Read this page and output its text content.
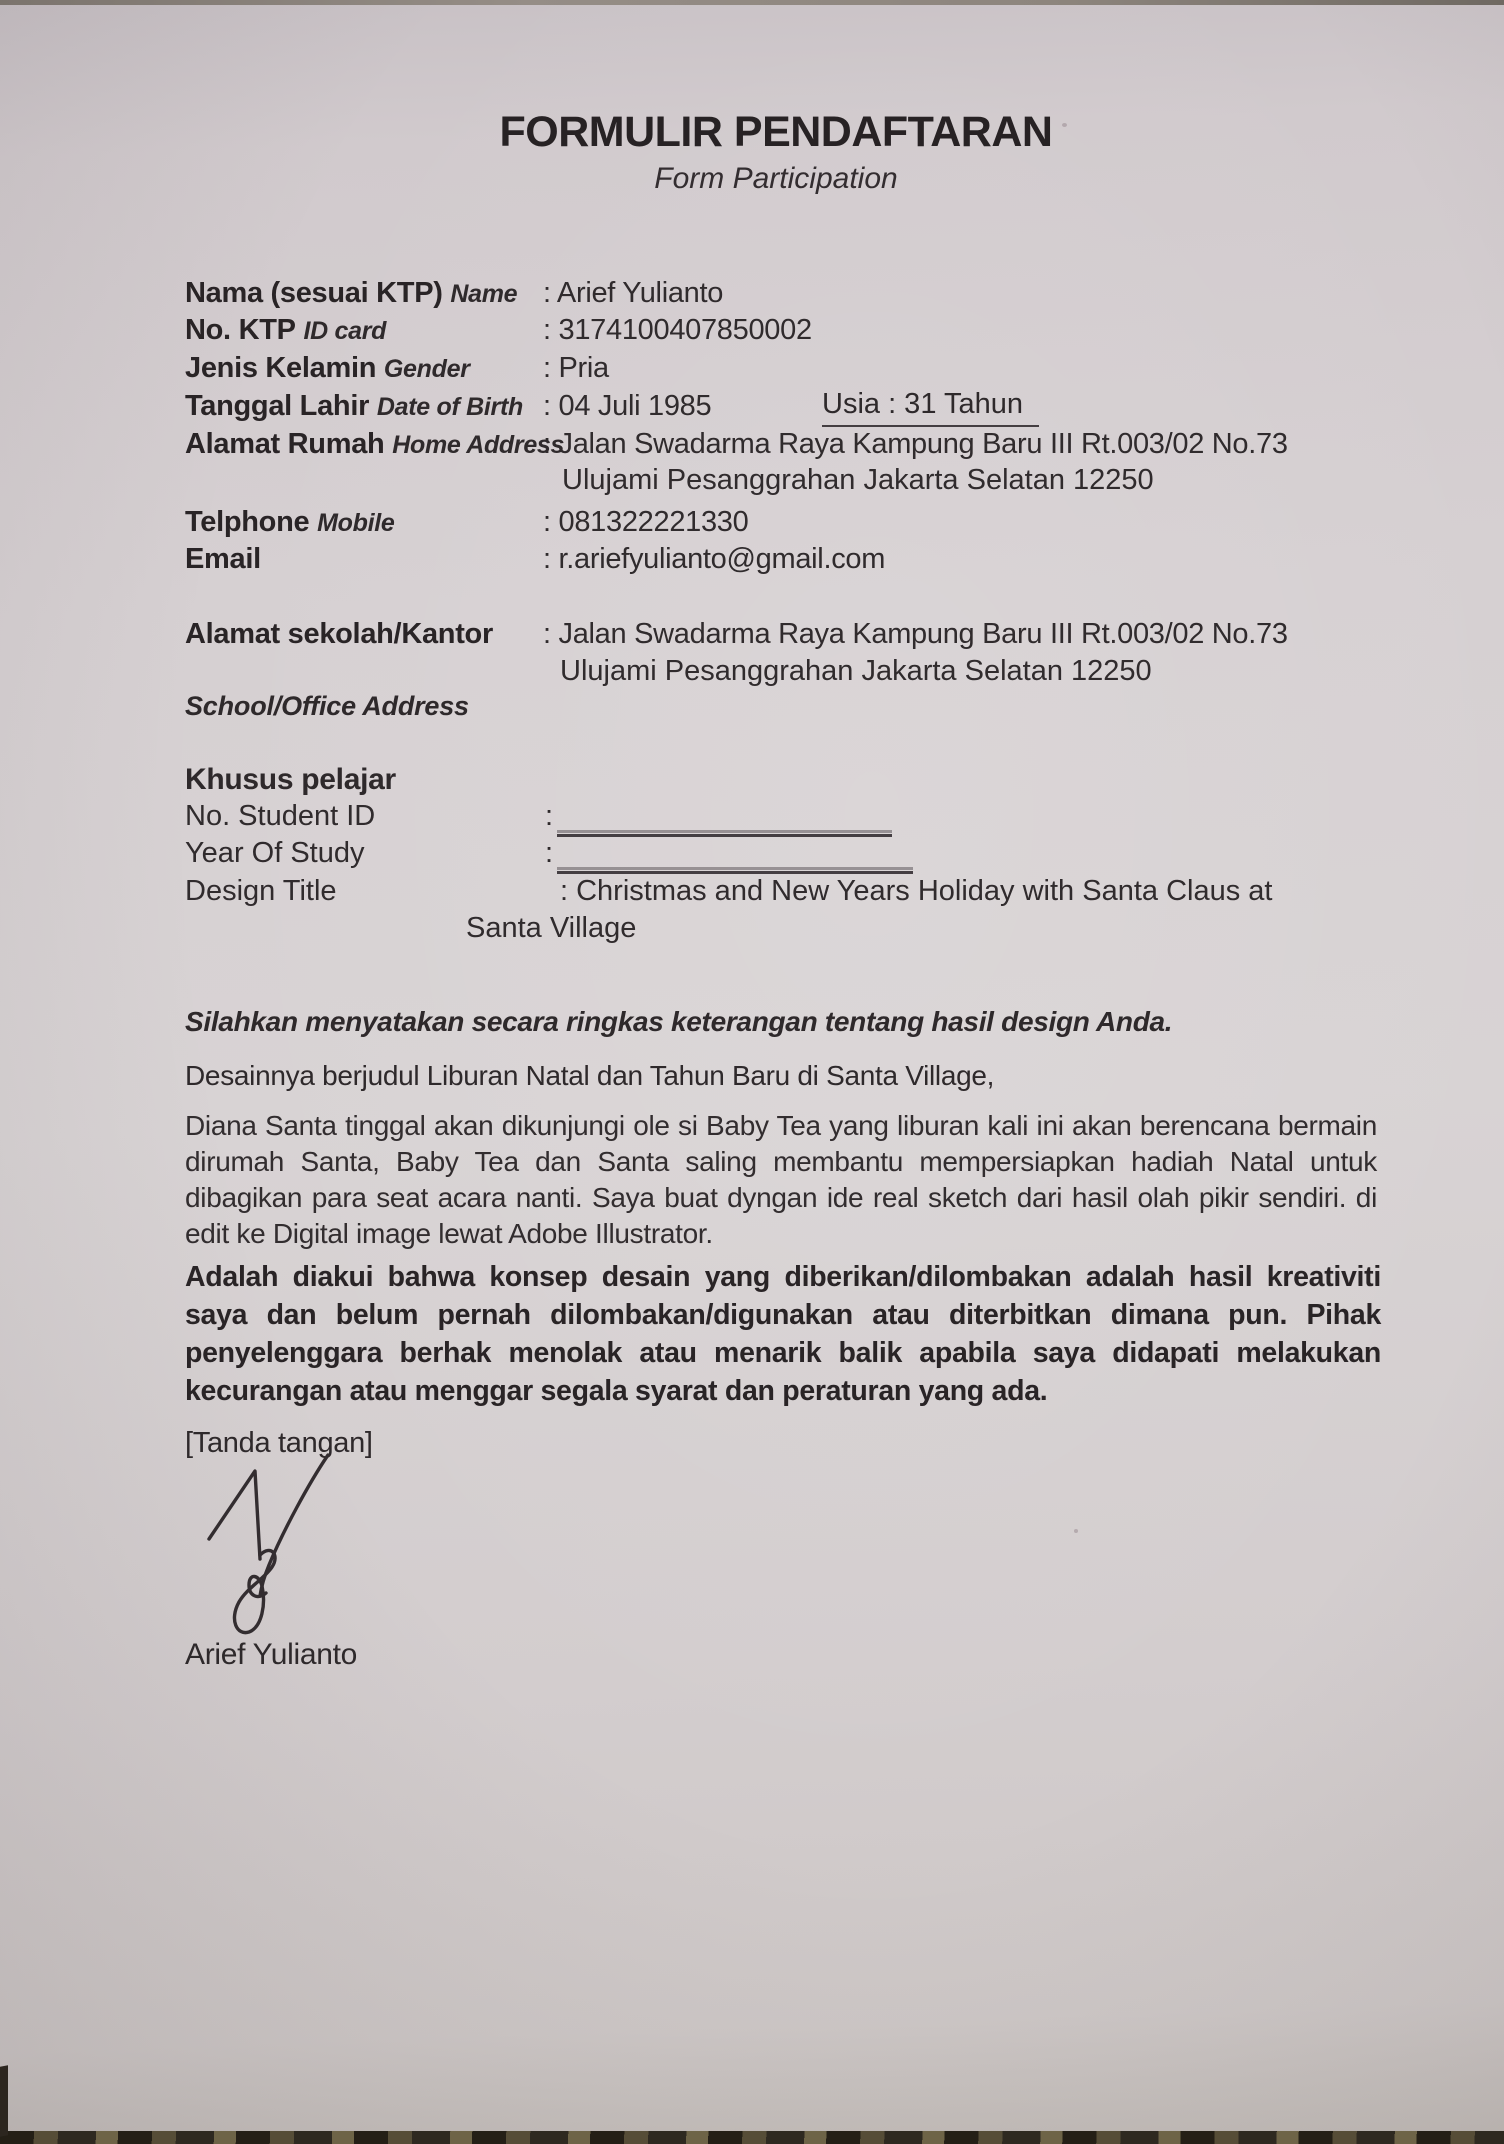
FORMULIR PENDAFTARAN
Form Participation
Nama (sesuai KTP) Name : Arief Yulianto
No. KTP ID card	: 3174100407850002
Jenis Kelamin Gender	: Pria
Tanggal Lahir Date of Birth : 04 Juli 1985	Usia : 31 Tahun
Alamat Rumah Home Address
: Jalan Swadarma Raya Kampung Baru III Rt.003/02 No.73
Ulujami Pesanggrahan Jakarta Selatan 12250
Telphone Mobile	: 081322221330
Email	: r.ariefyulianto@gmail.com
Alamat sekolah/Kantor : Jalan Swadarma Raya Kampung Baru III Rt.003/02 No.73
Ulujami Pesanggrahan Jakarta Selatan 12250
School/Office Address
Khusus pelajar
No. Student ID	:
Year Of Study	:
Design Title	: Christmas and New Years Holiday with Santa Claus at
Santa Village
Silahkan menyatakan secara ringkas keterangan tentang hasil design Anda.
Desainnya berjudul Liburan Natal dan Tahun Baru di Santa Village,
Diana Santa tinggal akan dikunjungi ole si Baby Tea yang liburan kali ini akan berencana bermain dirumah Santa, Baby Tea dan Santa saling membantu mempersiapkan hadiah Natal untuk dibagikan para seat acara nanti. Saya buat dyngan ide real sketch dari hasil olah pikir sendiri. di edit ke Digital image lewat Adobe Illustrator.
Adalah diakui bahwa konsep desain yang diberikan/dilombakan adalah hasil kreativiti saya dan belum pernah dilombakan/digunakan atau diterbitkan dimana pun. Pihak penyelenggara berhak menolak atau menarik balik apabila saya didapati melakukan kecurangan atau menggar segala syarat dan peraturan yang ada.
[Tanda tangan]
Arief Yulianto
